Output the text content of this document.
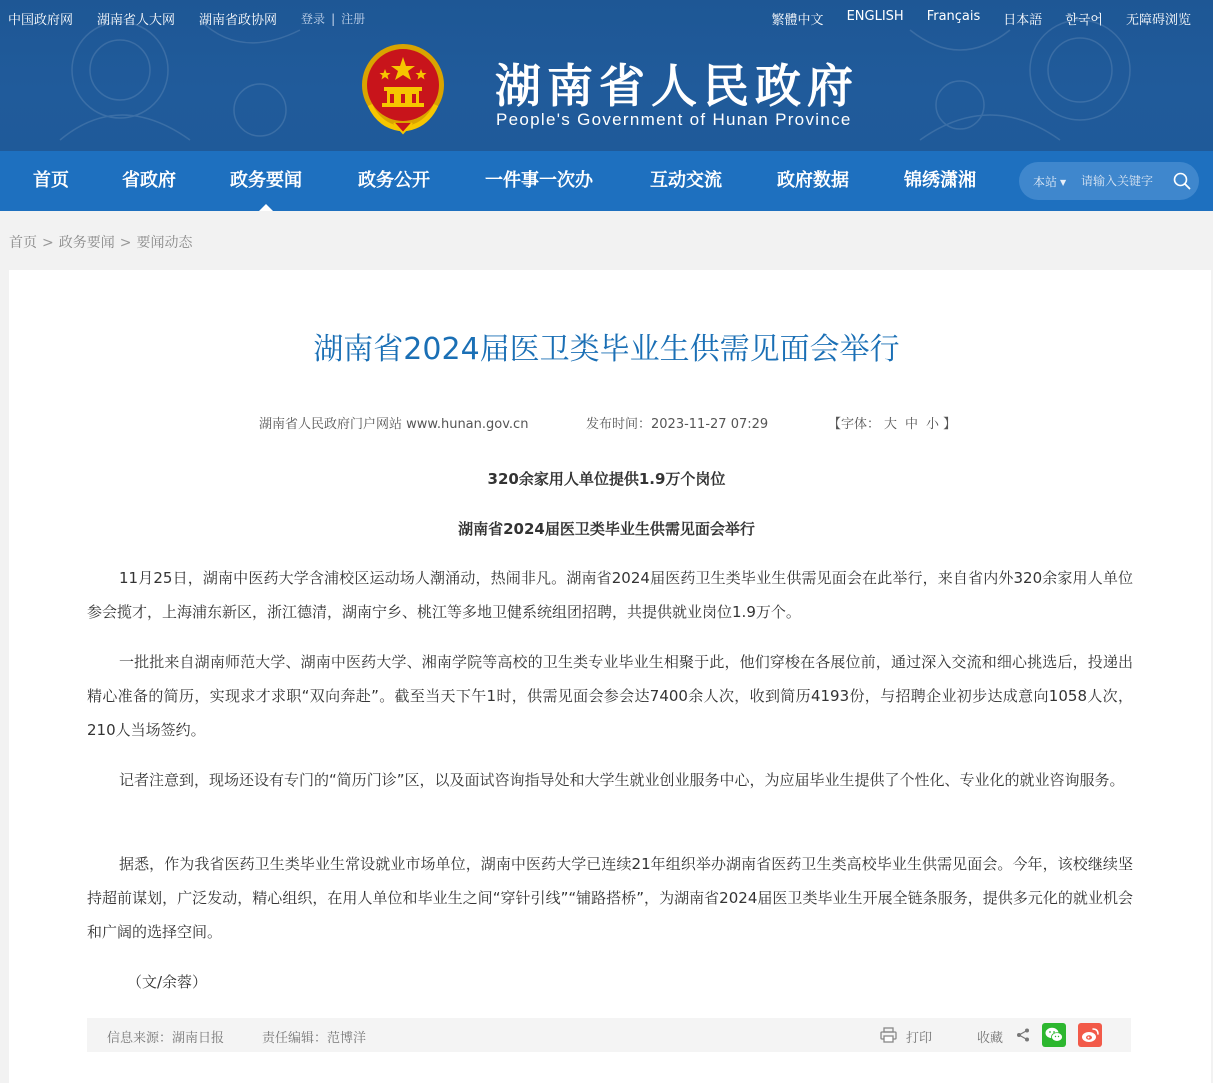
中国政府网 湖南省人大网 湖南省政协网 登录 | 注册	繁體中文 ENGLISH Français 日本語 한국어 无障碍浏览
湖南省人民政府
People's Government of Hunan Province
首页	省政府	政务要闻	政务公开	一件事一次办	互动交流	政府数据	锦绣潇湘	本站 ▼
请输入关键字
首页 > 政务要闻 > 要闻动态
湖南省2024届医卫类毕业生供需见面会举行
湖南省人民政府门户网站 www.hunan.gov.cn	发布时间：2023-11-27 07:29	【字体： 大 中 小 】
320余家用人单位提供1.9万个岗位
湖南省2024届医卫类毕业生供需见面会举行

11月25日，湖南中医药大学含浦校区运动场人潮涌动，热闹非凡。湖南省2024届医药卫生类毕业生供需见面会在此举行，来自省内外320余家用人单位参会揽才，上海浦东新区，浙江德清，湖南宁乡、桃江等多地卫健系统组团招聘，共提供就业岗位1.9万个。

一批批来自湖南师范大学、湖南中医药大学、湘南学院等高校的卫生类专业毕业生相聚于此，他们穿梭在各展位前，通过深入交流和细心挑选后，投递出精心准备的简历，实现求才求职“双向奔赴”。截至当天下午1时，供需见面会参会达7400余人次，收到简历4193份，与招聘企业初步达成意向1058人次，210人当场签约。

记者注意到，现场还设有专门的“简历门诊”区，以及面试咨询指导处和大学生就业创业服务中心，为应届毕业生提供了个性化、专业化的就业咨询服务。

据悉，作为我省医药卫生类毕业生常设就业市场单位，湖南中医药大学已连续21年组织举办湖南省医药卫生类高校毕业生供需见面会。今年，该校继续坚持超前谋划，广泛发动，精心组织，在用人单位和毕业生之间“穿针引线”“铺路搭桥”，为湖南省2024届医卫类毕业生开展全链条服务，提供多元化的就业机会和广阔的选择空间。

（文/余蓉）
信息来源：湖南日报	责任编辑：范博洋	打印	收藏
